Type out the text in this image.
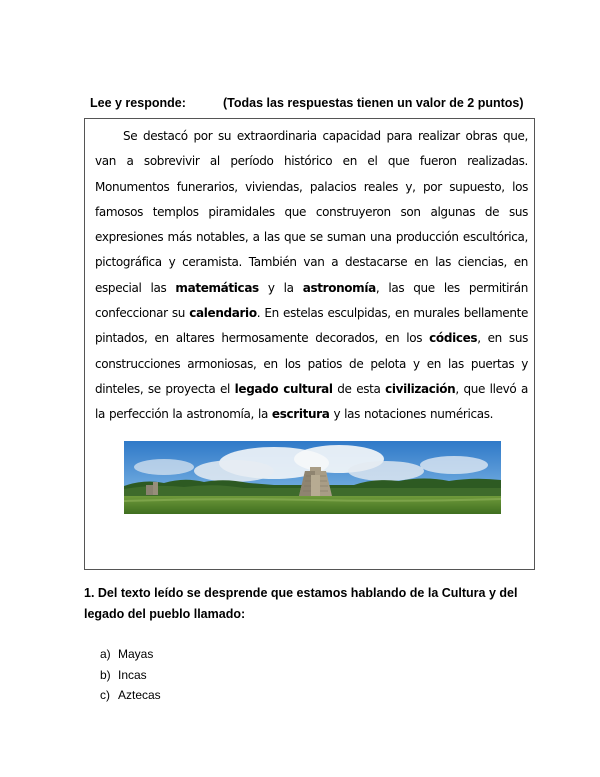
Lee y responde:	(Todas las respuestas tienen un valor de 2 puntos)

Se destacó por su extraordinaria capacidad para realizar obras que, van a sobrevivir al período histórico en el que fueron realizadas. Monumentos funerarios, viviendas, palacios reales y, por supuesto, los famosos templos piramidales que construyeron son algunas de sus expresiones más notables, a las que se suman una producción escultórica, pictográfica y ceramista. También van a destacarse en las ciencias, en especial las matemáticas y la astronomía, las que les permitirán confeccionar su calendario. En estelas esculpidas, en murales bellamente pintados, en altares hermosamente decorados, en los códices, en sus construcciones armoniosas, en los patios de pelota y en las puertas y dinteles, se proyecta el legado cultural de esta civilización, que llevó a la perfección la astronomía, la escritura y las notaciones numéricas.

1. Del texto leído se desprende que estamos hablando de la Cultura y del legado del pueblo llamado:

a) Mayas
b) Incas
c) Aztecas
